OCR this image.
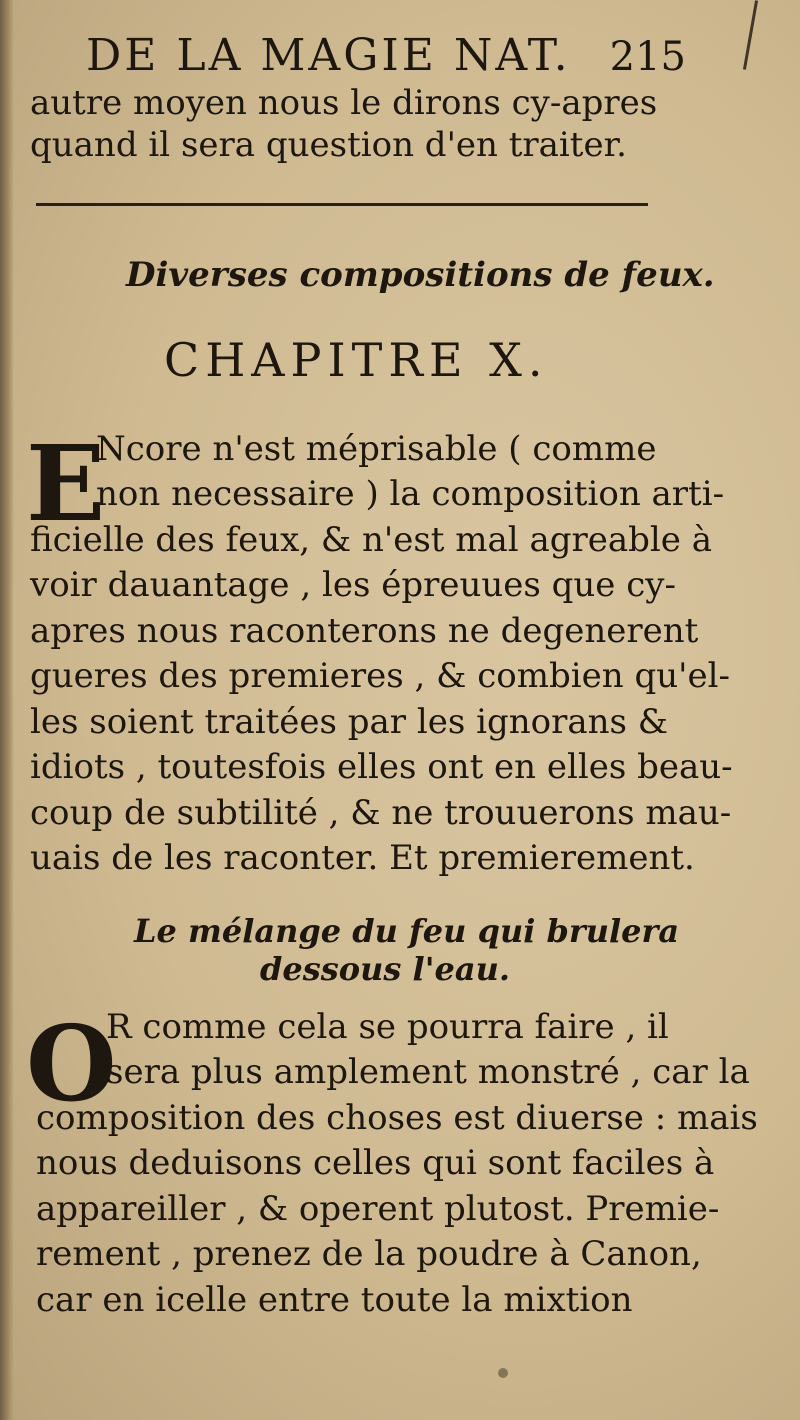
DE LA MAGIE NAT. 215
autre moyen nous le dirons cy-apres
quand il sera question d'en traiter.
Diverses compositions de feux.
CHAPITRE X.
E
Ncore n'est méprisable ( comme
non necessaire ) la composition arti-
ficielle des feux, & n'est mal agreable à
voir dauantage , les épreuues que cy-
apres nous raconterons ne degenerent
gueres des premieres , & combien qu'el-
les soient traitées par les ignorans &
idiots , toutesfois elles ont en elles beau-
coup de subtilité , & ne trouuerons mau-
uais de les raconter. Et premierement.
Le mélange du feu qui brulera
dessous l'eau.
O
R comme cela se pourra faire , il
sera plus amplement monstré , car la
composition des choses est diuerse : mais
nous deduisons celles qui sont faciles à
appareiller , & operent plutost. Premie-
rement , prenez de la poudre à Canon,
car en icelle entre toute la mixtion
